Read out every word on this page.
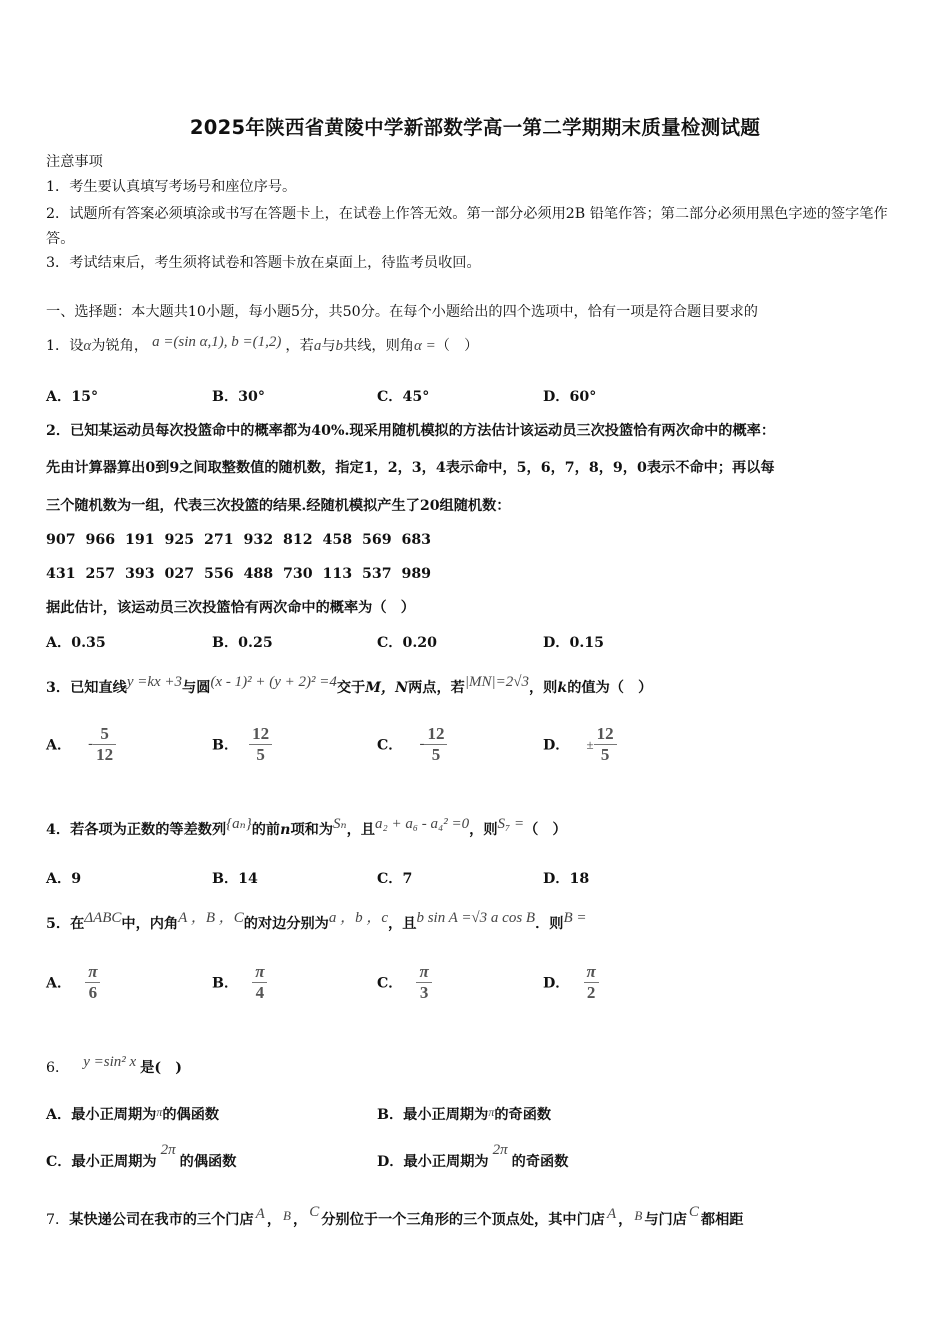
2025年陕西省黄陵中学新部数学高一第二学期期末质量检测试题
注意事项
1．考生要认真填写考场号和座位序号。
2．试题所有答案必须填涂或书写在答题卡上，在试卷上作答无效。第一部分必须用2B 铅笔作答；第二部分必须用黑色字迹的签字笔作答。
3．考试结束后，考生须将试卷和答题卡放在桌面上，待监考员收回。
一、选择题：本大题共10小题，每小题5分，共50分。在每个小题给出的四个选项中，恰有一项是符合题目要求的
1．设α为锐角， a =(sin α,1), b =(1,2) ，若a与b共线，则角α =（　）
A．15°	B．30°	C．45°	D．60°
2．已知某运动员每次投篮命中的概率都为40%.现采用随机模拟的方法估计该运动员三次投篮恰有两次命中的概率：
先由计算器算出0到9之间取整数值的随机数，指定1，2，3，4表示命中，5，6，7，8，9，0表示不命中；再以每
三个随机数为一组，代表三次投篮的结果.经随机模拟产生了20组随机数：
907  966  191  925  271  932  812  458  569  683
431  257  393  027  556  488  730  113  537  989
据此估计，该运动员三次投篮恰有两次命中的概率为（　）
A．0.35	B．0.25	C．0.20	D．0.15
3．已知直线y =kx +3与圆(x - 1)² + (y + 2)² =4交于M，N两点，若|MN|=2√3，则k的值为（　）
A． - $\frac{5}{12}$	B． $\frac{12}{5}$	C． - $\frac{12}{5}$	D． ± $\frac{12}{5}$
4．若各项为正数的等差数列{aₙ}的前n项和为Sₙ，且a₂ + a₆ - a₄² =0，则S₇ =（　）
A．9	B．14	C．7	D．18
5．在ΔABC中，内角A ，B ，C的对边分别为a ，b ，c，且b sin A =√3 a cos B．则B =
A． $\frac{\pi}{6}$	B． $\frac{\pi}{4}$	C． $\frac{\pi}{3}$	D． $\frac{\pi}{2}$
6． y =sin² x 是(　)
A．最小正周期为$^\pi$的偶函数	B．最小正周期为$^\pi$的奇函数
C．最小正周期为2π的偶函数	D．最小正周期为2π的奇函数
7．某快递公司在我市的三个门店 A ， B ， C 分别位于一个三角形的三个顶点处，其中门店 A ， B 与门店 C 都相距
